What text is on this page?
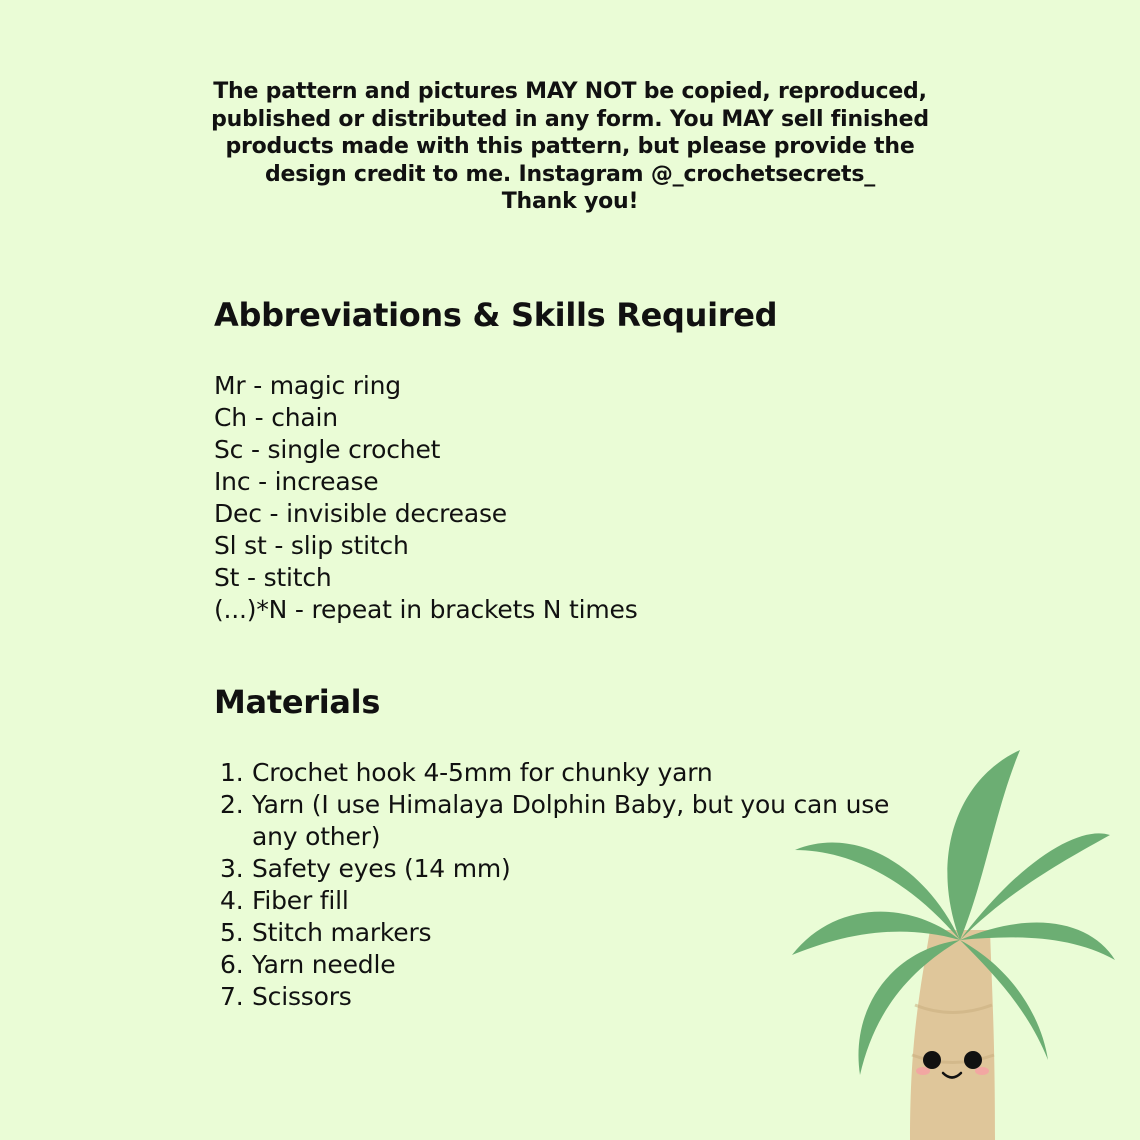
The pattern and pictures MAY NOT be copied, reproduced,
published or distributed in any form. You MAY sell finished
products made with this pattern, but please provide the
design credit to me. Instagram @_crochetsecrets_
Thank you!
Abbreviations & Skills Required
Mr - magic ring
Ch - chain
Sc - single crochet
Inc - increase
Dec - invisible decrease
Sl st - slip stitch
St - stitch
(...)*N - repeat in brackets N times
Materials
1. Crochet hook 4-5mm for chunky yarn
2. Yarn (I use Himalaya Dolphin Baby, but you can use any other)
3. Safety eyes (14 mm)
4. Fiber fill
5. Stitch markers
6. Yarn needle
7. Scissors
